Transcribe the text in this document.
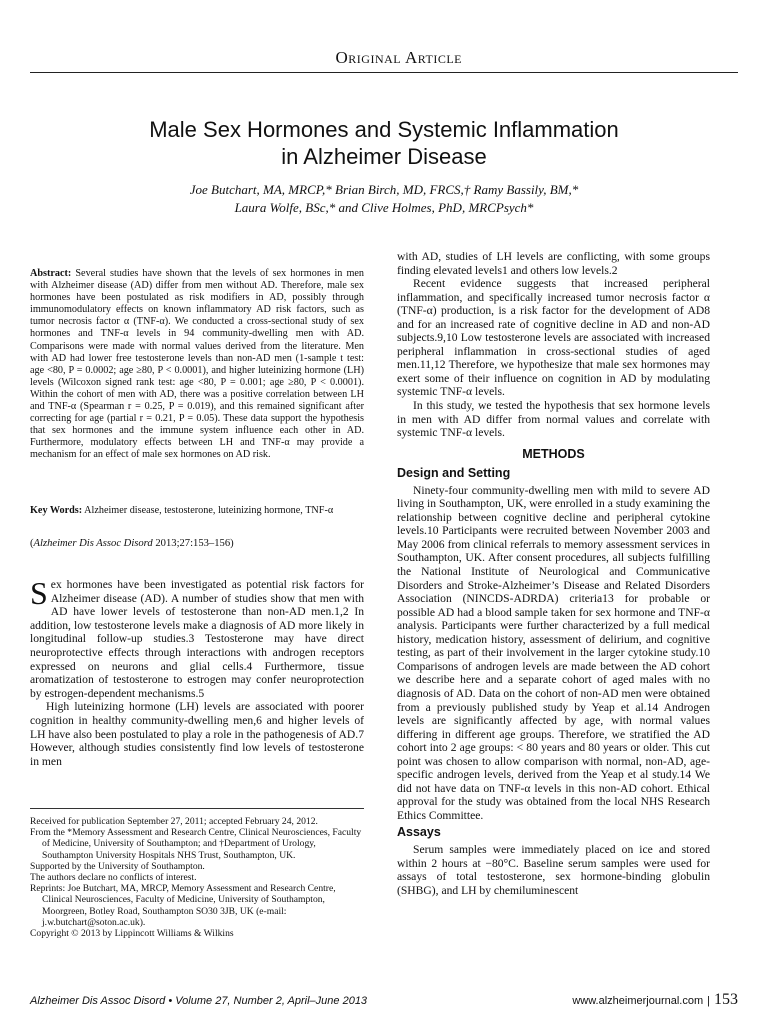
Original Article
Male Sex Hormones and Systemic Inflammation
in Alzheimer Disease
Joe Butchart, MA, MRCP,* Brian Birch, MD, FRCS,† Ramy Bassily, BM,*
Laura Wolfe, BSc,* and Clive Holmes, PhD, MRCPsych*
Abstract: Several studies have shown that the levels of sex hormones in men with Alzheimer disease (AD) differ from men without AD. Therefore, male sex hormones have been postulated as risk modifiers in AD, possibly through immunomodulatory effects on known inflammatory AD risk factors, such as tumor necrosis factor α (TNF-α). We conducted a cross-sectional study of sex hormones and TNF-α levels in 94 community-dwelling men with AD. Comparisons were made with normal values derived from the literature. Men with AD had lower free testosterone levels than non-AD men (1-sample t test: age <80, P = 0.0002; age ≥80, P < 0.0001), and higher luteinizing hormone (LH) levels (Wilcoxon signed rank test: age <80, P = 0.001; age ≥80, P < 0.0001). Within the cohort of men with AD, there was a positive correlation between LH and TNF-α (Spearman r = 0.25, P = 0.019), and this remained significant after correcting for age (partial r = 0.21, P = 0.05). These data support the hypothesis that sex hormones and the immune system influence each other in AD. Furthermore, modulatory effects between LH and TNF-α may provide a mechanism for an effect of male sex hormones on AD risk.
Key Words: Alzheimer disease, testosterone, luteinizing hormone, TNF-α
(Alzheimer Dis Assoc Disord 2013;27:153–156)

Sex hormones have been investigated as potential risk factors for Alzheimer disease (AD). A number of studies show that men with AD have lower levels of testosterone than non-AD men.1,2 In addition, low testosterone levels make a diagnosis of AD more likely in longitudinal follow-up studies.3 Testosterone may have direct neuroprotective effects through interactions with androgen receptors expressed on neurons and glial cells.4 Furthermore, tissue aromatization of testosterone to estrogen may confer neuroprotection by estrogen-dependent mechanisms.5

High luteinizing hormone (LH) levels are associated with poorer cognition in healthy community-dwelling men,6 and higher levels of LH have also been postulated to play a role in the pathogenesis of AD.7 However, although studies consistently find low levels of testosterone in men

Received for publication September 27, 2011; accepted February 24, 2012.

From the *Memory Assessment and Research Centre, Clinical Neurosciences, Faculty of Medicine, University of Southampton; and †Department of Urology, Southampton University Hospitals NHS Trust, Southampton, UK.

Supported by the University of Southampton.

The authors declare no conflicts of interest.

Reprints: Joe Butchart, MA, MRCP, Memory Assessment and Research Centre, Clinical Neurosciences, Faculty of Medicine, University of Southampton, Moorgreen, Botley Road, Southampton SO30 3JB, UK (e-mail: j.w.butchart@soton.ac.uk).

Copyright © 2013 by Lippincott Williams & Wilkins

with AD, studies of LH levels are conflicting, with some groups finding elevated levels1 and others low levels.2

Recent evidence suggests that increased peripheral inflammation, and specifically increased tumor necrosis factor α (TNF-α) production, is a risk factor for the development of AD8 and for an increased rate of cognitive decline in AD and non-AD subjects.9,10 Low testosterone levels are associated with increased peripheral inflammation in cross-sectional studies of aged men.11,12 Therefore, we hypothesize that male sex hormones may exert some of their influence on cognition in AD by modulating systemic TNF-α levels.

In this study, we tested the hypothesis that sex hormone levels in men with AD differ from normal values and correlate with systemic TNF-α levels.

METHODS
Design and Setting

Ninety-four community-dwelling men with mild to severe AD living in Southampton, UK, were enrolled in a study examining the relationship between cognitive decline and peripheral cytokine levels.10 Participants were recruited between November 2003 and May 2006 from clinical referrals to memory assessment services in Southampton, UK. After consent procedures, all subjects fulfilling the National Institute of Neurological and Communicative Disorders and Stroke-Alzheimer’s Disease and Related Disorders Association (NINCDS-ADRDA) criteria13 for probable or possible AD had a blood sample taken for sex hormone and TNF-α analysis. Participants were further characterized by a full medical history, medication history, assessment of delirium, and cognitive testing, as part of their involvement in the larger cytokine study.10 Comparisons of androgen levels are made between the AD cohort we describe here and a separate cohort of aged males with no diagnosis of AD. Data on the cohort of non-AD men were obtained from a previously published study by Yeap et al.14 Androgen levels are significantly affected by age, with normal values differing in different age groups. Therefore, we stratified the AD cohort into 2 age groups: < 80 years and 80 years or older. This cut point was chosen to allow comparison with normal, non-AD, age-specific androgen levels, derived from the Yeap et al study.14 We did not have data on TNF-α levels in this non-AD cohort. Ethical approval for the study was obtained from the local NHS Research Ethics Committee.

Assays

Serum samples were immediately placed on ice and stored within 2 hours at −80°C. Baseline serum samples were used for assays of total testosterone, sex hormone-binding globulin (SHBG), and LH by chemiluminescent

Alzheimer Dis Assoc Disord • Volume 27, Number 2, April–June 2013	www.alzheimerjournal.com | 153
